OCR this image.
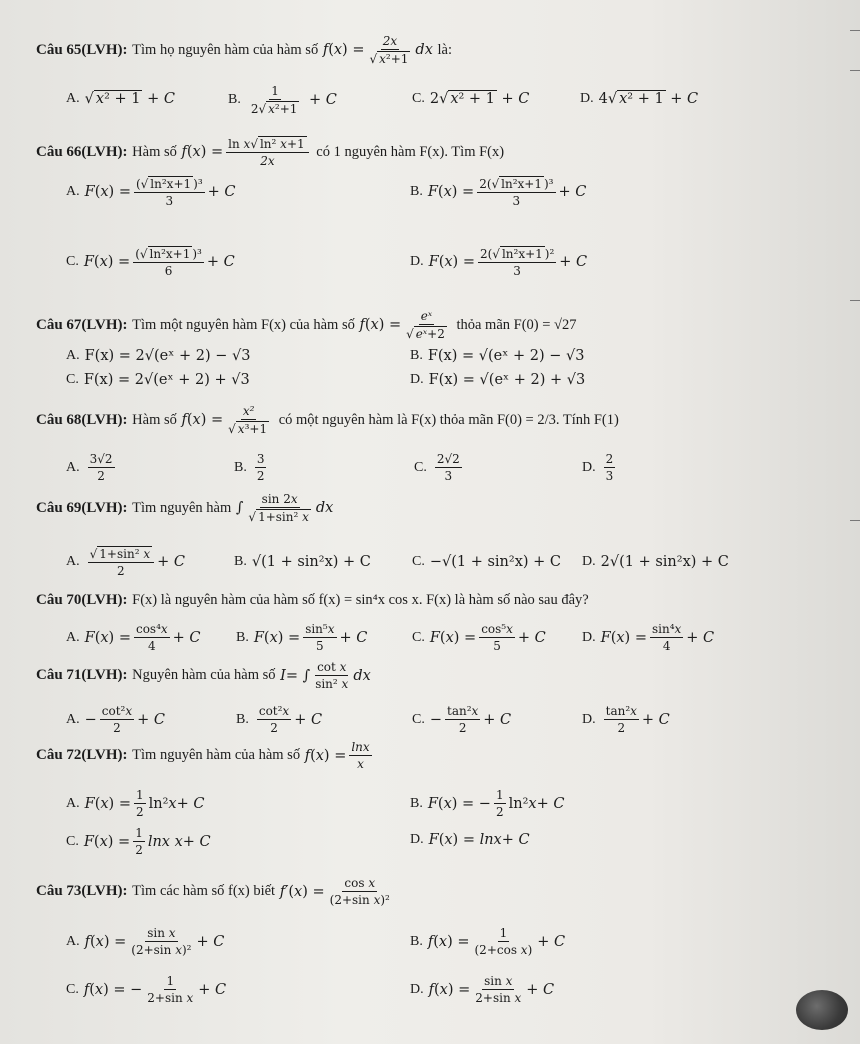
Câu 65(LVH):
Tìm họ nguyên hàm của hàm số
f ( x ) = $\frac{2x}{\text{√ x²+1}}$ dx
là:
A. √ x² + 1 + C	B. $\frac{1}{\text{2√ x²+1}} + C$	C. 2√ x² + 1 + C	D. 4√ x² + 1 + C
Câu 66(LVH):
Hàm số
f ( x ) = $\frac{\text{ln x√ ln² x+1}}{2x}$
có 1 nguyên hàm F(x). Tìm F(x)
A. F ( x ) = $\frac{\text{(√ ln²x+1 )³}}{3} + C$	B. F ( x ) = $\frac{\text{2(√ ln²x+1 )³}}{3} + C$
C. F ( x ) = $\frac{\text{(√ ln²x+1 )³}}{6} + C$	D. F ( x ) = $\frac{\text{2(√ ln²x+1 )²}}{3} + C$
Câu 67(LVH):
Tìm một nguyên hàm F(x) của hàm số
f ( x ) = $\frac{\text{eˣ}}{\text{√ eˣ+2}}$
thỏa mãn F(0) = √27
A. F(x) = 2√(eˣ + 2) − √3	B. F(x) = √(eˣ + 2) − √3
C. F(x) = 2√(eˣ + 2) + √3	D. F(x) = √(eˣ + 2) + √3
Câu 68(LVH):
Hàm số
f ( x ) = $\frac{\text{x²}}{\text{√ x³+1}}$
có một nguyên hàm là F(x) thỏa mãn F(0) = 2/3. Tính F(1)
A. $\frac{3√2}{2}$	B. $\frac{3}{2}$	C. $\frac{2√2}{3}$	D. $\frac{2}{3}$
Câu 69(LVH):
Tìm nguyên hàm ∫ $\frac{\sin 2x}{\text{√ 1+sin² x}}$ dx
A. $\frac{\text{√ 1+sin² x}}{2} + C$	B. √(1 + sin²x) + C	C. −√(1 + sin²x) + C D. 2√(1 + sin²x) + C
Câu 70(LVH):
F(x) là nguyên hàm của hàm số f(x) = sin⁴x cos x. F(x) là hàm số nào sau đây?
A. F ( x ) = $\frac{\text{cos⁴x}}{4} + C$	B. F ( x ) = $\frac{\text{sin⁵x}}{5} + C$	C. F ( x ) = $\frac{\text{cos⁵x}}{5} + C$	D. F ( x ) = $\frac{\text{sin⁴x}}{4} + C$
Câu 71(LVH):
Nguyên hàm của hàm số
I = ∫ $\frac{\text{cot x}}{\text{sin² x}}$ dx
A. − $\frac{\text{cot²x}}{2} + C$	B. $\frac{\text{cot²x}}{2} + C$	C. − $\frac{\text{tan²x}}{2} + C$	D. $\frac{\text{tan²x}}{2} + C$
Câu 72(LVH):
Tìm nguyên hàm của hàm số
f ( x ) = $\frac{\ln x}{x}$
A. F ( x ) = $\frac{1}{2} \ln^2$ x + C	B. F ( x ) = − $\frac{1}{2} \ln^2$ x + C
C. F ( x ) = $\frac{1}{2}$ lnx x + C	D. F ( x ) = lnx + C
Câu 73(LVH):
Tìm các hàm số f(x) biết
f′ ( x ) = $\frac{\text{cos x}}{\text{(2+sin x)²}}$
A. f ( x ) = $\frac{\text{sin x}}{\text{(2+sin x)²}} + C$	B. f ( x ) = $\frac{1}{\text{(2+cos x)}} + C$
C. f ( x ) = − $\frac{1}{\text{2+sin x}} + C$	D. f ( x ) = $\frac{\text{sin x}}{\text{2+sin x}} + C$
